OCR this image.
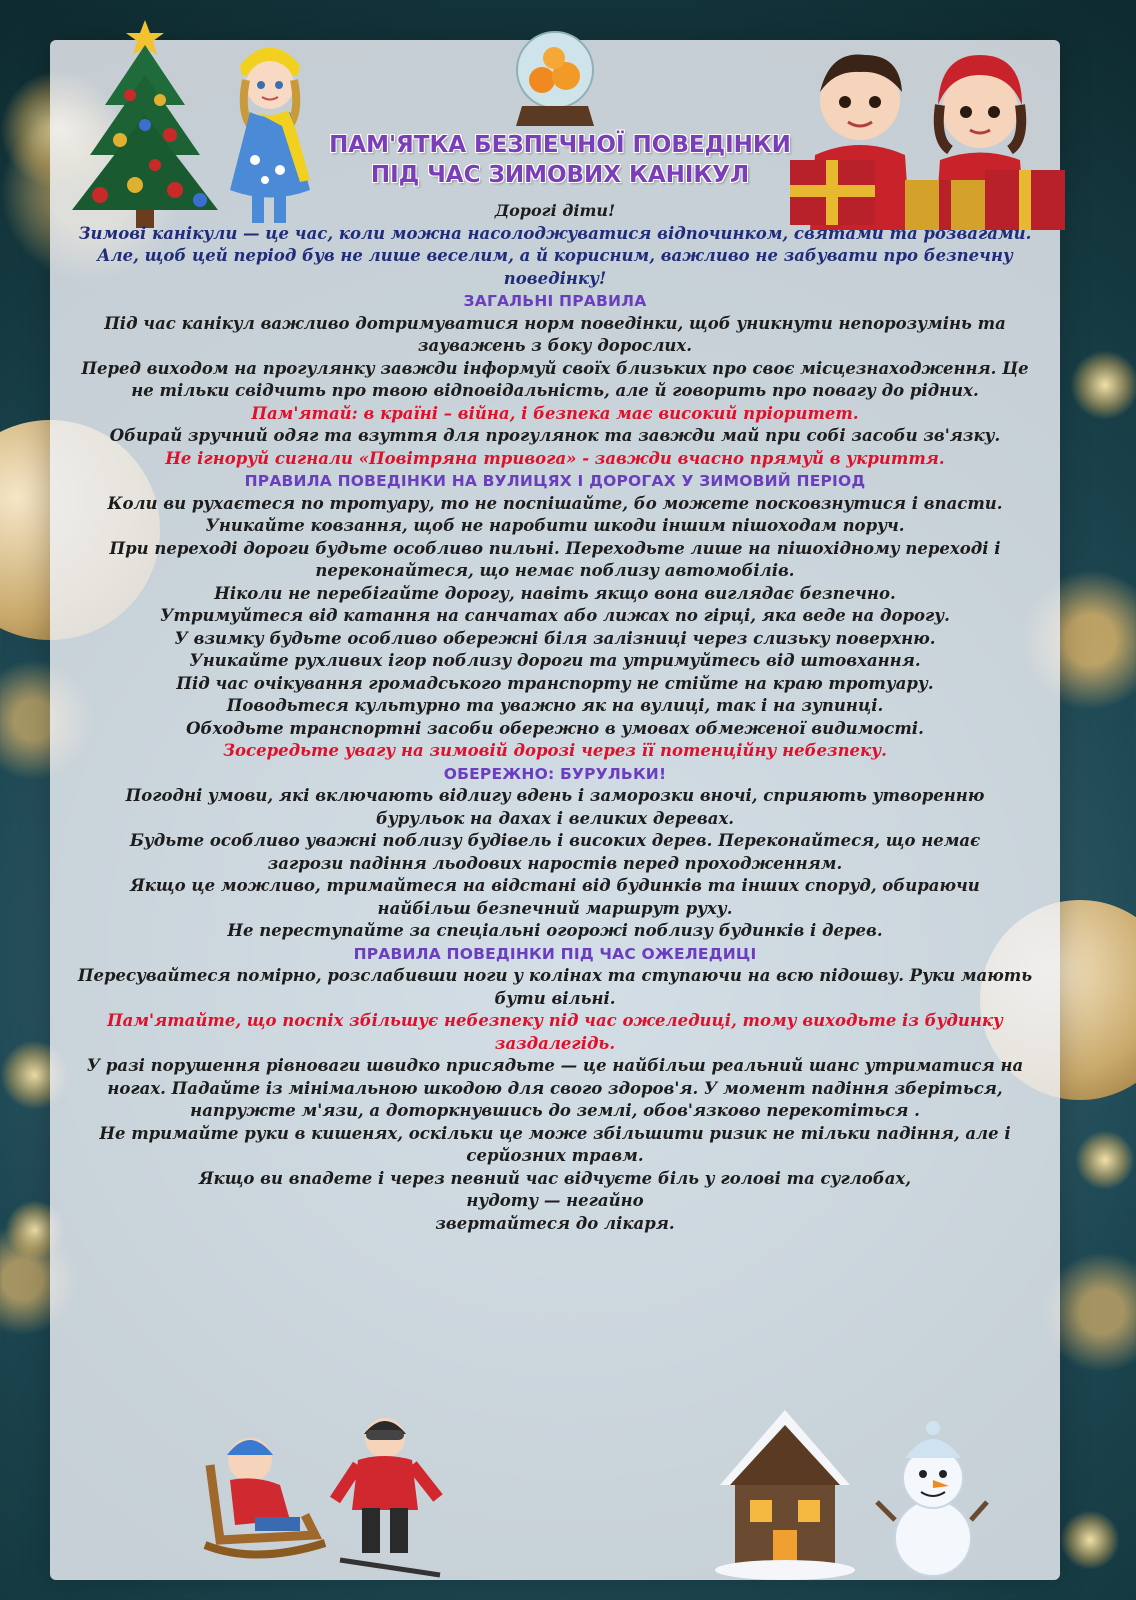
ПАМ'ЯТКА БЕЗПЕЧНОЇ ПОВЕДІНКИ
ПІД ЧАС ЗИМОВИХ КАНІКУЛ

Дорогі діти!

Зимові канікули — це час, коли можна насолоджуватися відпочинком, святами та розвагами. Але, щоб цей період був не лише веселим, а й корисним, важливо не забувати про безпечну поведінку!

ЗАГАЛЬНІ ПРАВИЛА

Під час канікул важливо дотримуватися норм поведінки, щоб уникнути непорозумінь та зауважень з боку дорослих.

Перед виходом на прогулянку завжди інформуй своїх близьких про своє місцезнаходження. Це не тільки свідчить про твою відповідальність, але й говорить про повагу до рідних.

Пам'ятай: в країні – війна, і безпека має високий пріоритет.

Обирай зручний одяг та взуття для прогулянок та завжди май при собі засоби зв'язку.

Не ігноруй сигнали «Повітряна тривога» - завжди вчасно прямуй в укриття.

ПРАВИЛА ПОВЕДІНКИ НА ВУЛИЦЯХ І ДОРОГАХ У ЗИМОВИЙ ПЕРІОД

Коли ви рухаєтеся по тротуару, то не поспішайте, бо можете посковзнутися і впасти.

Уникайте ковзання, щоб не наробити шкоди іншим пішоходам поруч.

При переході дороги будьте особливо пильні. Переходьте лише на пішохідному переході і переконайтеся, що немає поблизу автомобілів.

Ніколи не перебігайте дорогу, навіть якщо вона виглядає безпечно.

Утримуйтеся від катання на санчатах або лижах по гірці, яка веде на дорогу.

У взимку будьте особливо обережні біля залізниці через слизьку поверхню.

Уникайте рухливих ігор поблизу дороги та утримуйтесь від штовхання.

Під час очікування громадського транспорту не стійте на краю тротуару.

Поводьтеся культурно та уважно як на вулиці, так і на зупинці.

Обходьте транспортні засоби обережно в умовах обмеженої видимості.

Зосередьте увагу на зимовій дорозі через її потенційну небезпеку.

ОБЕРЕЖНО: БУРУЛЬКИ!

Погодні умови, які включають відлигу вдень і заморозки вночі, сприяють утворенню бурульок на дахах і великих деревах.

Будьте особливо уважні поблизу будівель і високих дерев. Переконайтеся, що немає загрози падіння льодових наростів перед проходженням.

Якщо це можливо, тримайтеся на відстані від будинків та інших споруд, обираючи найбільш безпечний маршрут руху.

Не переступайте за спеціальні огорожі поблизу будинків і дерев.

ПРАВИЛА ПОВЕДІНКИ ПІД ЧАС ОЖЕЛЕДИЦІ

Пересувайтеся помірно, розслабивши ноги у колінах та ступаючи на всю підошву. Руки мають бути вільні.

Пам'ятайте, що поспіх збільшує небезпеку під час ожеледиці, тому виходьте із будинку заздалегідь.

У разі порушення рівноваги швидко присядьте — це найбільш реальний шанс утриматися на ногах. Падайте із мінімальною шкодою для свого здоров'я. У момент падіння зберіться, напружте м'язи, а доторкнувшись до землі, обов'язково перекотіться .

Не тримайте руки в кишенях, оскільки це може збільшити ризик не тільки падіння, але і серйозних травм.

Якщо ви впадете і через певний час відчуєте біль у голові та суглобах,

нудоту — негайно

звертайтеся до лікаря.
